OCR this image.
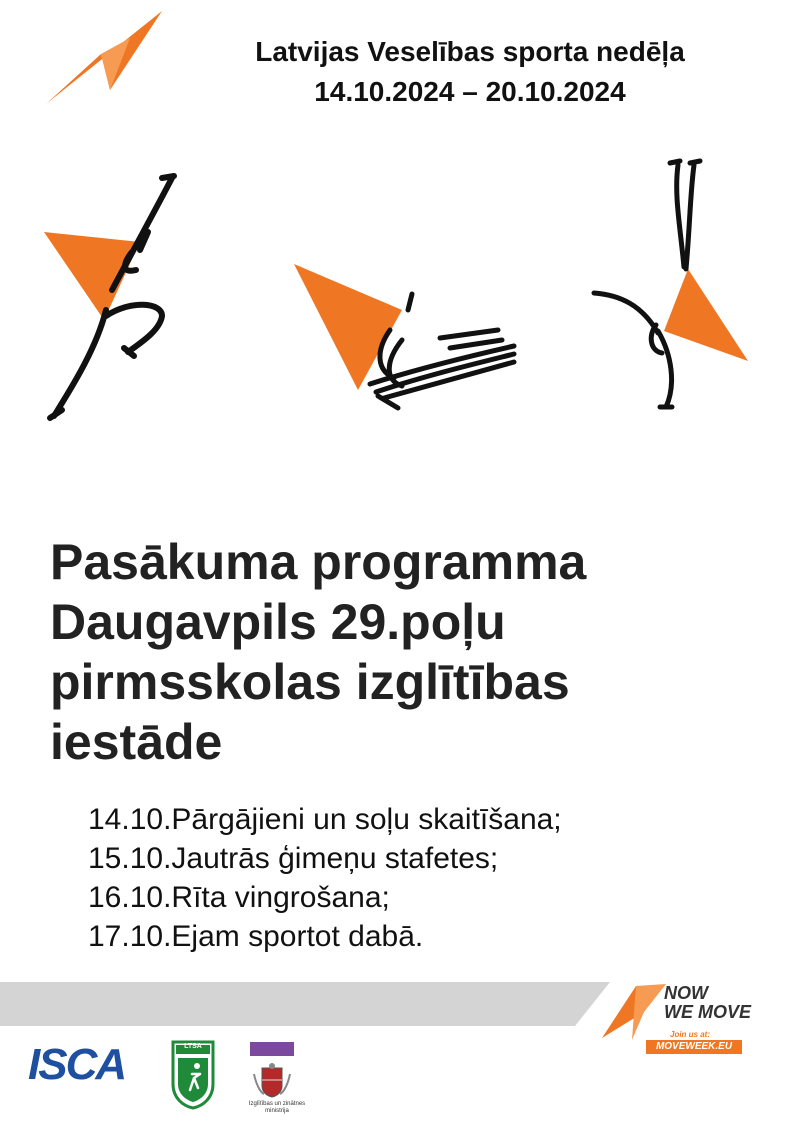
Latvijas Veselības sporta nedēļa
14.10.2024 – 20.10.2024
Pasākuma programma
Daugavpils 29.poļu
pirmsskolas izglītības
iestāde
14.10.Pārgājieni un soļu skaitīšana;
15.10.Jautrās ģimeņu stafetes;
16.10.Rīta vingrošana;
17.10.Ejam sportot dabā.
NOW
WE MOVE
Join us at:
MOVEWEEK.EU
ISCA	LTSA
Izglītības un zinātnes
ministrija
